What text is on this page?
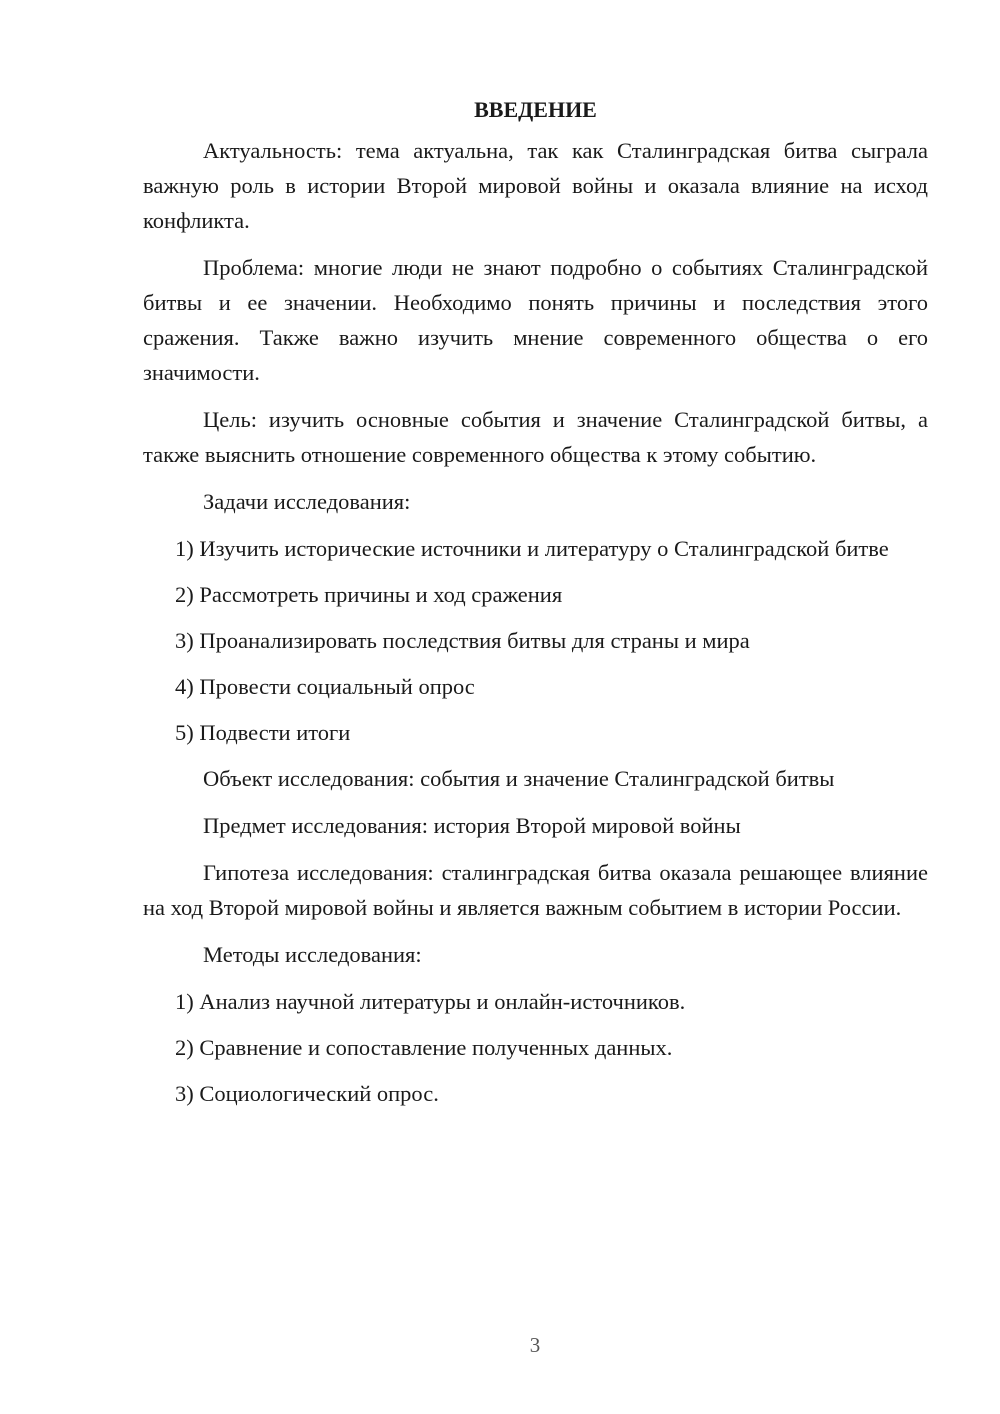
ВВЕДЕНИЕ

Актуальность: тема актуальна, так как Сталинградская битва сыграла важную роль в истории Второй мировой войны и оказала влияние на исход конфликта.

Проблема: многие люди не знают подробно о событиях Сталинградской битвы и ее значении. Необходимо понять причины и последствия этого сражения. Также важно изучить мнение современного общества о его значимости.

Цель: изучить основные события и значение Сталинградской битвы, а также выяснить отношение современного общества к этому событию.

Задачи исследования:

1) Изучить исторические источники и литературу о Сталинградской битве

2) Рассмотреть причины и ход сражения

3) Проанализировать последствия битвы для страны и мира

4) Провести социальный опрос

5) Подвести итоги

Объект исследования: события и значение Сталинградской битвы

Предмет исследования: история Второй мировой войны

Гипотеза исследования: сталинградская битва оказала решающее влияние на ход Второй мировой войны и является важным событием в истории России.

Методы исследования:

1) Анализ научной литературы и онлайн-источников.

2) Сравнение и сопоставление полученных данных.

3) Социологический опрос.

3
